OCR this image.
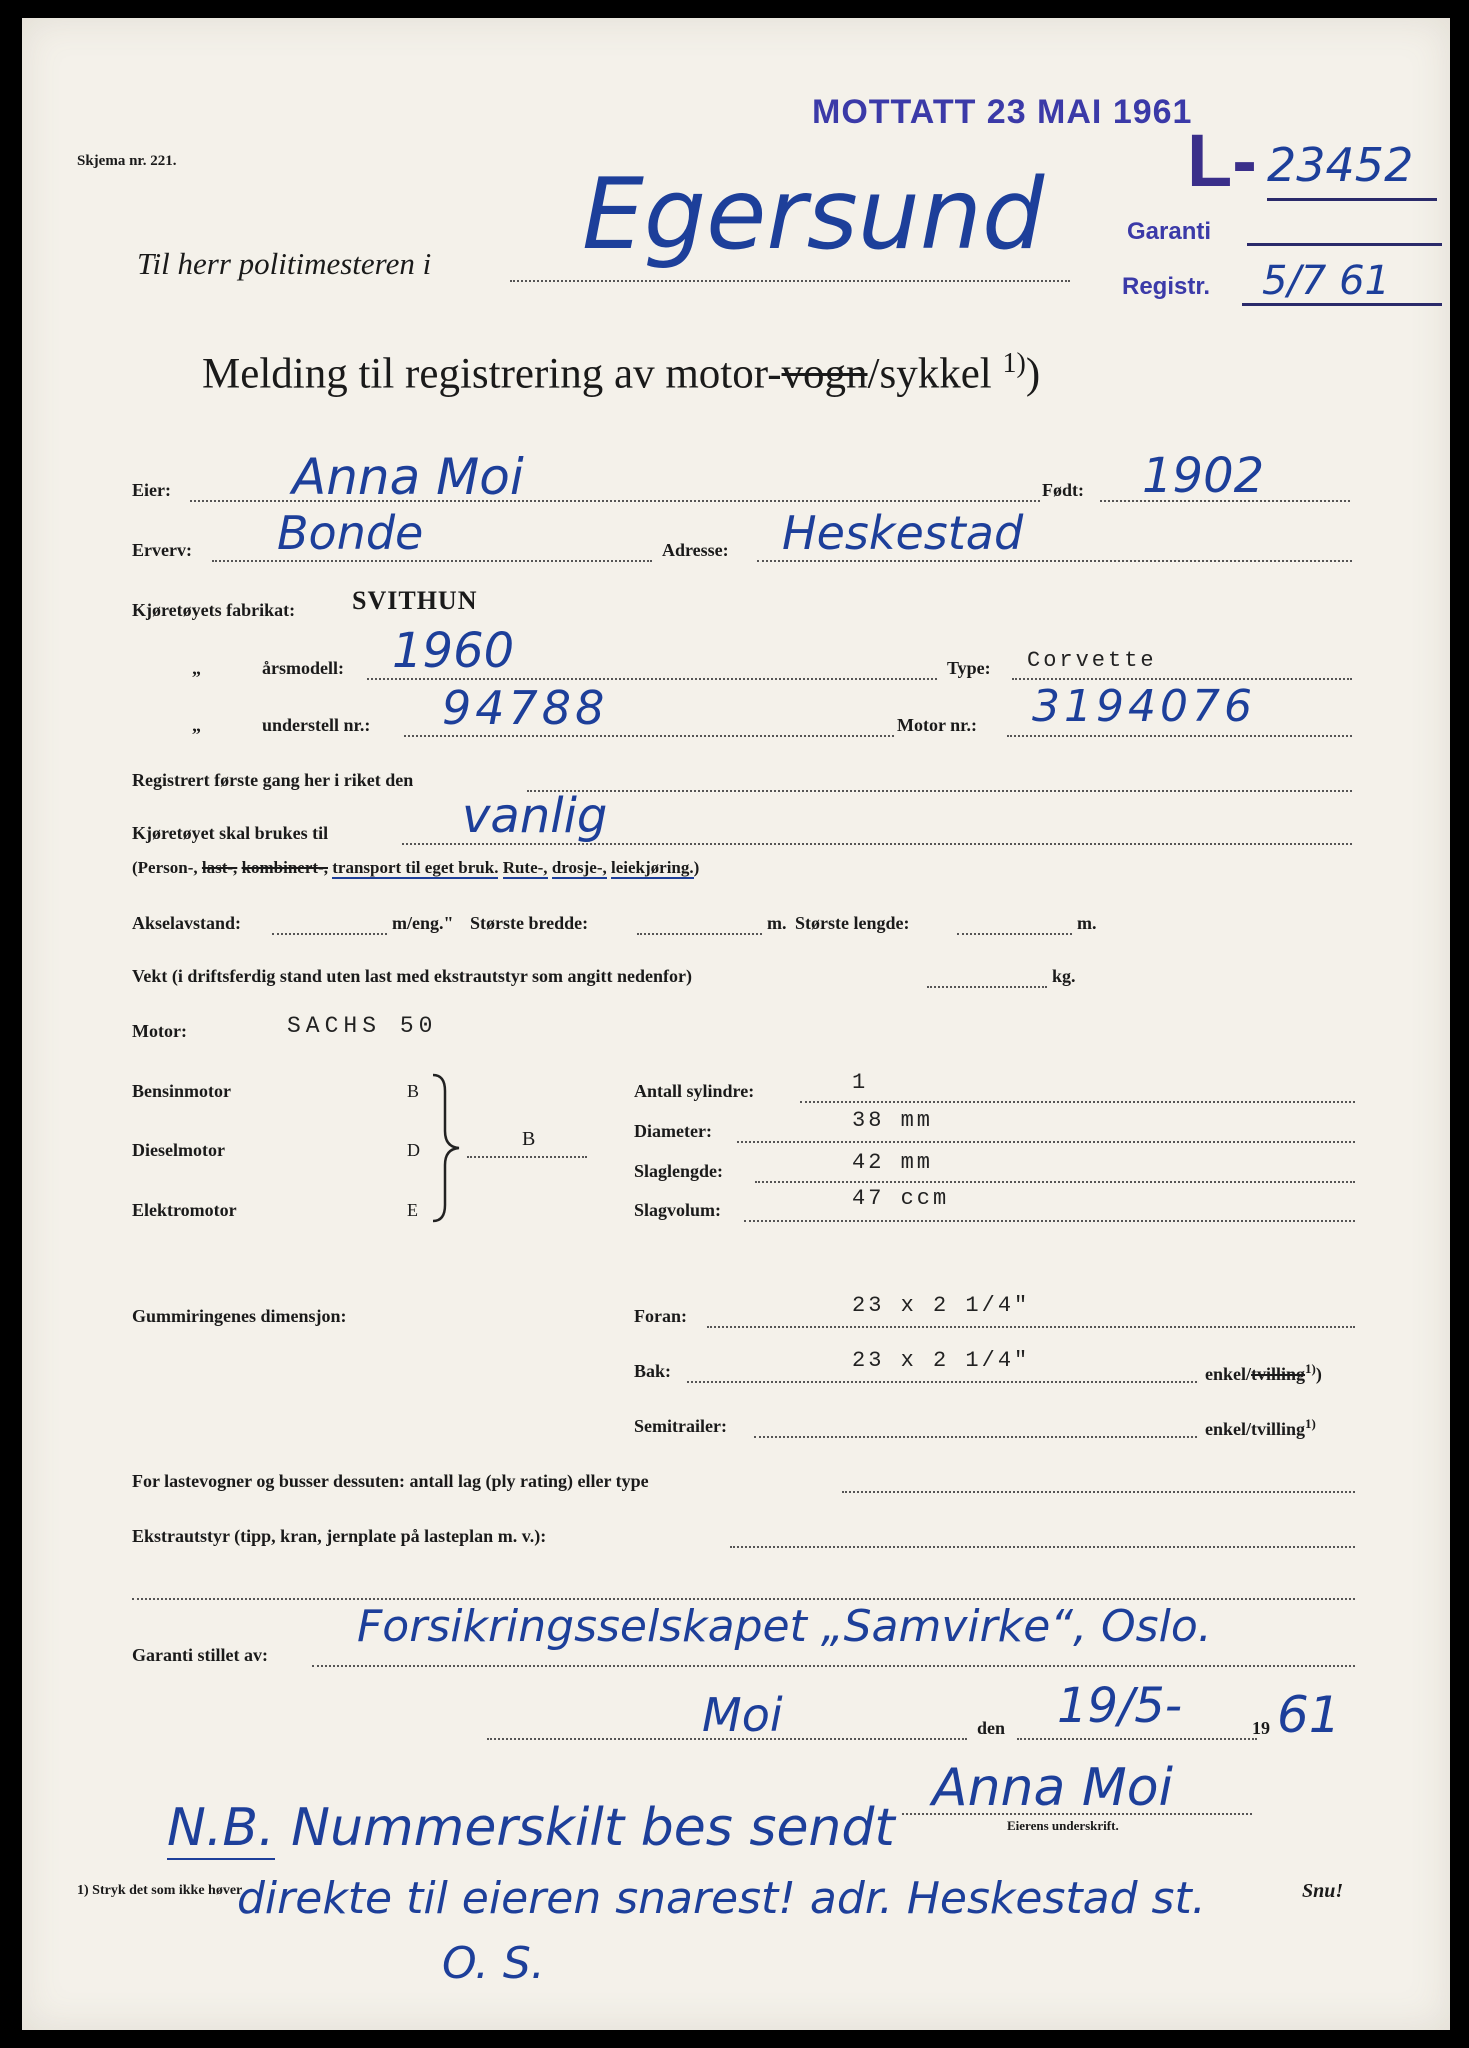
Skjema nr. 221.
MOTTATT 23 MAI 1961
L- 23452
Garanti
Registr. 5/7 61
Til herr politimesteren i Egersund
Melding til registrering av motor-vogn/sykkel $^{1)}$)
Eier: Anna Moi	Født: 1902
Erverv: Bonde	Adresse: Heskestad
Kjøretøyets fabrikat: SVITHUN
„	årsmodell: 1960	Type: Corvette
„	understell nr.: 94788	Motor nr.: 3194076
Registrert første gang her i riket den
Kjøretøyet skal brukes til	vanlig
(Person-, last-, kombinert-, transport til eget bruk. Rute-, drosje-, leiekjøring.)
Akselavstand:	m/eng." Største bredde:	m. Største lengde:	m.
Vekt (i driftsferdig stand uten last med ekstrautstyr som angitt nedenfor)	kg.
Motor:	SACHS 50
Bensinmotor	B
Dieselmotor	D
Elektromotor	E
B
Antall sylindre:	1
Diameter:	38 mm
Slaglengde:	42 mm
Slagvolum:	47 ccm
Gummiringenes dimensjon:	Foran:	23 x 2 1/4"
Bak:	23 x 2 1/4"
enkel/tvilling$^{1)}$)
Semitrailer:	enkel/tvilling$^{1)}$
For lastevogner og busser dessuten: antall lag (ply rating) eller type
Ekstrautstyr (tipp, kran, jernplate på lasteplan m. v.):
Garanti stillet av:
Forsikringsselskapet „Samvirke“, Oslo.
Moi	den 19/5-	19 61
Anna Moi
Eierens underskrift.
1) Stryk det som ikke høver	Snu!
N.B. Nummerskilt bes sendt
direkte til eieren snarest! adr. Heskestad st.
O. S.
